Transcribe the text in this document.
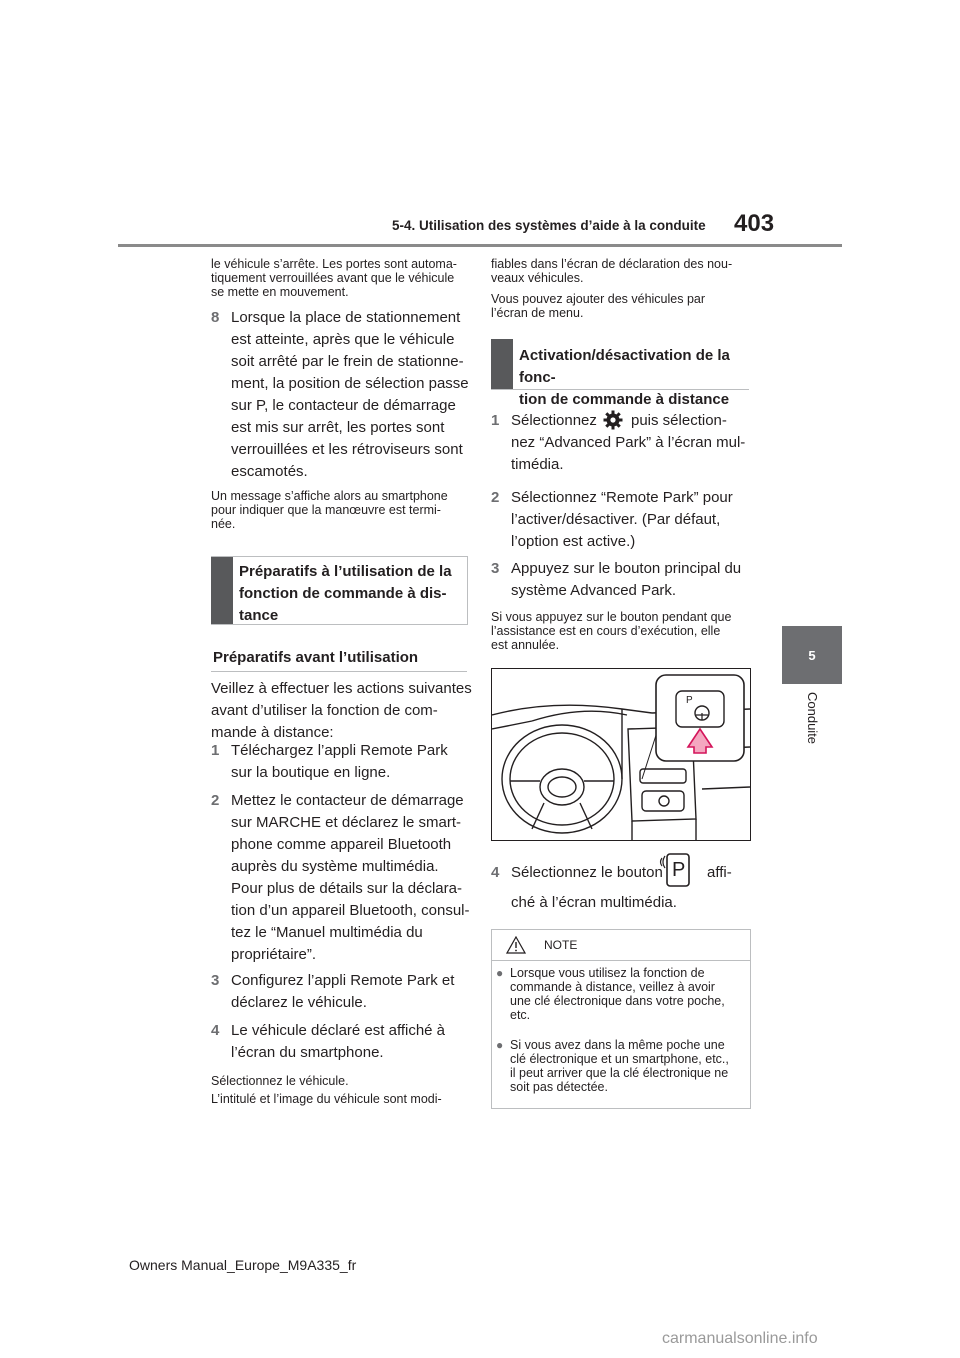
5-4. Utilisation des systèmes d’aide à la conduite 403
5
Conduite
le véhicule s’arrête. Les portes sont automa-
tiquement verrouillées avant que le véhicule
se mette en mouvement.
8 Lorsque la place de stationnement
est atteinte, après que le véhicule
soit arrêté par le frein de stationne-
ment, la position de sélection passe
sur P, le contacteur de démarrage
est mis sur arrêt, les portes sont
verrouillées et les rétroviseurs sont
escamotés.
Un message s’affiche alors au smartphone
pour indiquer que la manœuvre est termi-
née.
Préparatifs à l’utilisation de la
fonction de commande à dis-
tance
Préparatifs avant l’utilisation
Veillez à effectuer les actions suivantes
avant d’utiliser la fonction de com-
mande à distance:
1 Téléchargez l’appli Remote Park
sur la boutique en ligne.
2 Mettez le contacteur de démarrage
sur MARCHE et déclarez le smart-
phone comme appareil Bluetooth
auprès du système multimédia.
Pour plus de détails sur la déclara-
tion d’un appareil Bluetooth, consul-
tez le “Manuel multimédia du
propriétaire”.
3 Configurez l’appli Remote Park et
déclarez le véhicule.
4 Le véhicule déclaré est affiché à
l’écran du smartphone.
Sélectionnez le véhicule.
L’intitulé et l’image du véhicule sont modi-
fiables dans l’écran de déclaration des nou-
veaux véhicules.
Vous pouvez ajouter des véhicules par
l’écran de menu.
Activation/désactivation de la fonc-
tion de commande à distance
1 Sélectionnez puis sélection-
nez “Advanced Park” à l’écran mul-
timédia.
2 Sélectionnez “Remote Park” pour
l’activer/désactiver. (Par défaut,
l’option est active.)
3 Appuyez sur le bouton principal du
système Advanced Park.
Si vous appuyez sur le bouton pendant que
l’assistance est en cours d’exécution, elle
est annulée.
P
4 Sélectionnez le bouton P affi-
ché à l’écran multimédia.
NOTE
● Lorsque vous utilisez la fonction de
commande à distance, veillez à avoir
une clé électronique dans votre poche,
etc.
● Si vous avez dans la même poche une
clé électronique et un smartphone, etc.,
il peut arriver que la clé électronique ne
soit pas détectée.
Owners Manual_Europe_M9A335_fr
carmanualsonline.info
